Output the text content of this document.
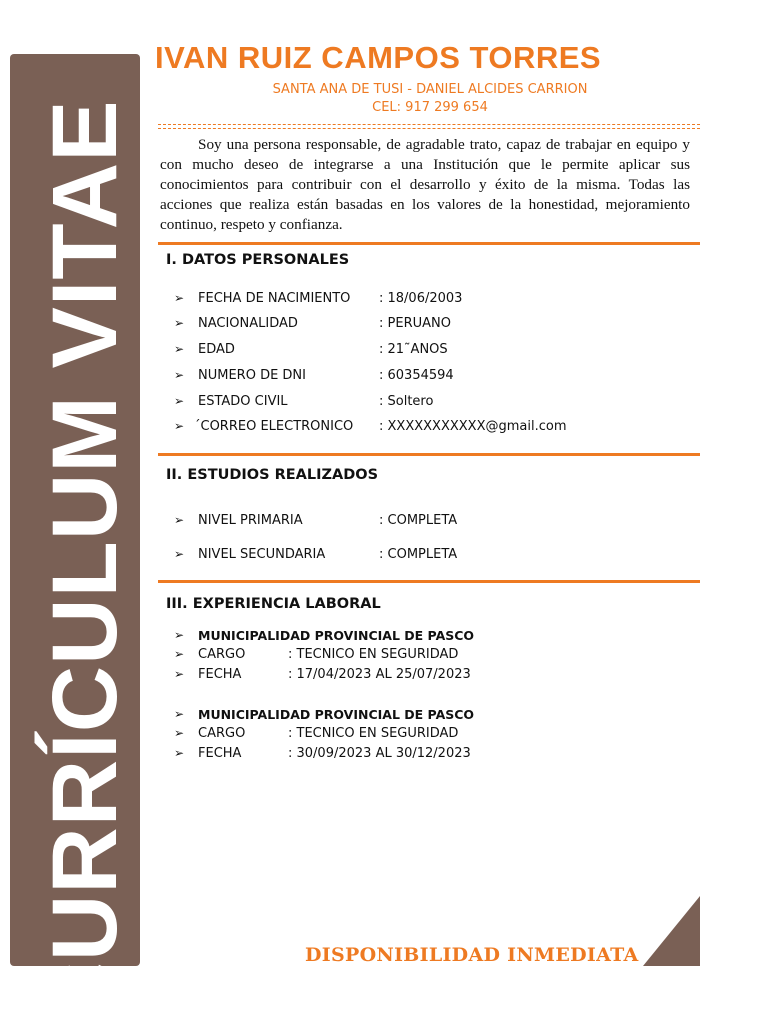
CURRÍCULUM VITAE
IVAN RUIZ CAMPOS TORRES
SANTA ANA DE TUSI - DANIEL ALCIDES CARRION
CEL: 917 299 654

Soy una persona responsable, de agradable trato, capaz de trabajar en equipo y con mucho deseo de integrarse a una Institución que le permite aplicar sus conocimientos para contribuir con el desarrollo y éxito de la misma. Todas las acciones que realiza están basadas en los valores de la honestidad, mejoramiento continuo, respeto y confianza.

I. DATOS PERSONALES
➢ FECHA DE NACIMIENTO : 18/06/2003
➢ NACIONALIDAD	: PERUANO
➢ EDAD	: 21˜ANOS
➢ NUMERO DE DNI	: 60354594
➢ ESTADO CIVIL	: Soltero
➢ ´CORREO ELECTRONICO : XXXXXXXXXXX@gmail.com
II. ESTUDIOS REALIZADOS
➢ NIVEL PRIMARIA	: COMPLETA
➢ NIVEL SECUNDARIA	: COMPLETA
III. EXPERIENCIA LABORAL
➢ MUNICIPALIDAD PROVINCIAL DE PASCO
➢ CARGO	: TECNICO EN SEGURIDAD
➢ FECHA	: 17/04/2023 AL 25/07/2023
➢ MUNICIPALIDAD PROVINCIAL DE PASCO
➢ CARGO	: TECNICO EN SEGURIDAD
➢ FECHA	: 30/09/2023 AL 30/12/2023
DISPONIBILIDAD INMEDIATA
